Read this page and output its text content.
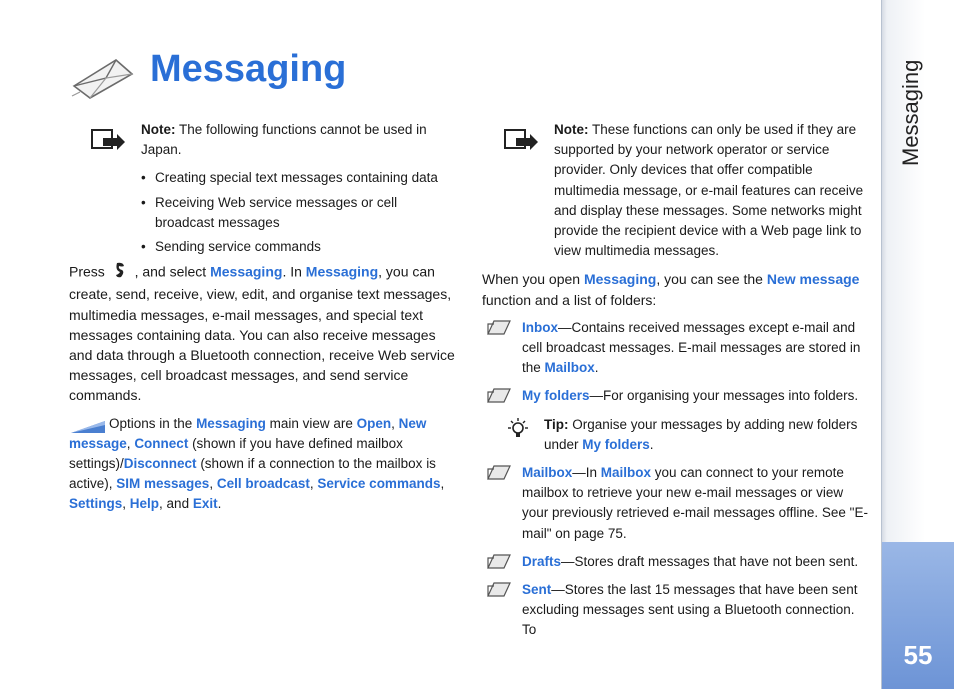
Messaging
Note: The following functions cannot be used in Japan.
• Creating special text messages containing data
• Receiving Web service messages or cell broadcast messages
• Sending service commands

Press  , and select Messaging. In Messaging, you can create, send, receive, view, edit, and organise text messages, multimedia messages, e-mail messages, and special text messages containing data. You can also receive messages and data through a Bluetooth connection, receive Web service messages, cell broadcast messages, and send service commands.

Options in the Messaging main view are Open, New message, Connect (shown if you have defined mailbox settings)/Disconnect (shown if a connection to the mailbox is active), SIM messages, Cell broadcast, Service commands, Settings, Help, and Exit.
Note: These functions can only be used if they are supported by your network operator or service provider. Only devices that offer compatible multimedia message, or e-mail features can receive and display these messages. Some networks might provide the recipient device with a Web page link to view multimedia messages.

When you open Messaging, you can see the New message function and a list of folders:

Inbox—Contains received messages except e-mail and cell broadcast messages. E-mail messages are stored in the Mailbox.
My folders—For organising your messages into folders.
Tip: Organise your messages by adding new folders under My folders.
Mailbox—In Mailbox you can connect to your remote mailbox to retrieve your new e-mail messages or view your previously retrieved e-mail messages offline. See "E-mail" on page 75.
Drafts—Stores draft messages that have not been sent.
Sent—Stores the last 15 messages that have been sent excluding messages sent using a Bluetooth connection. To
Messaging
55
